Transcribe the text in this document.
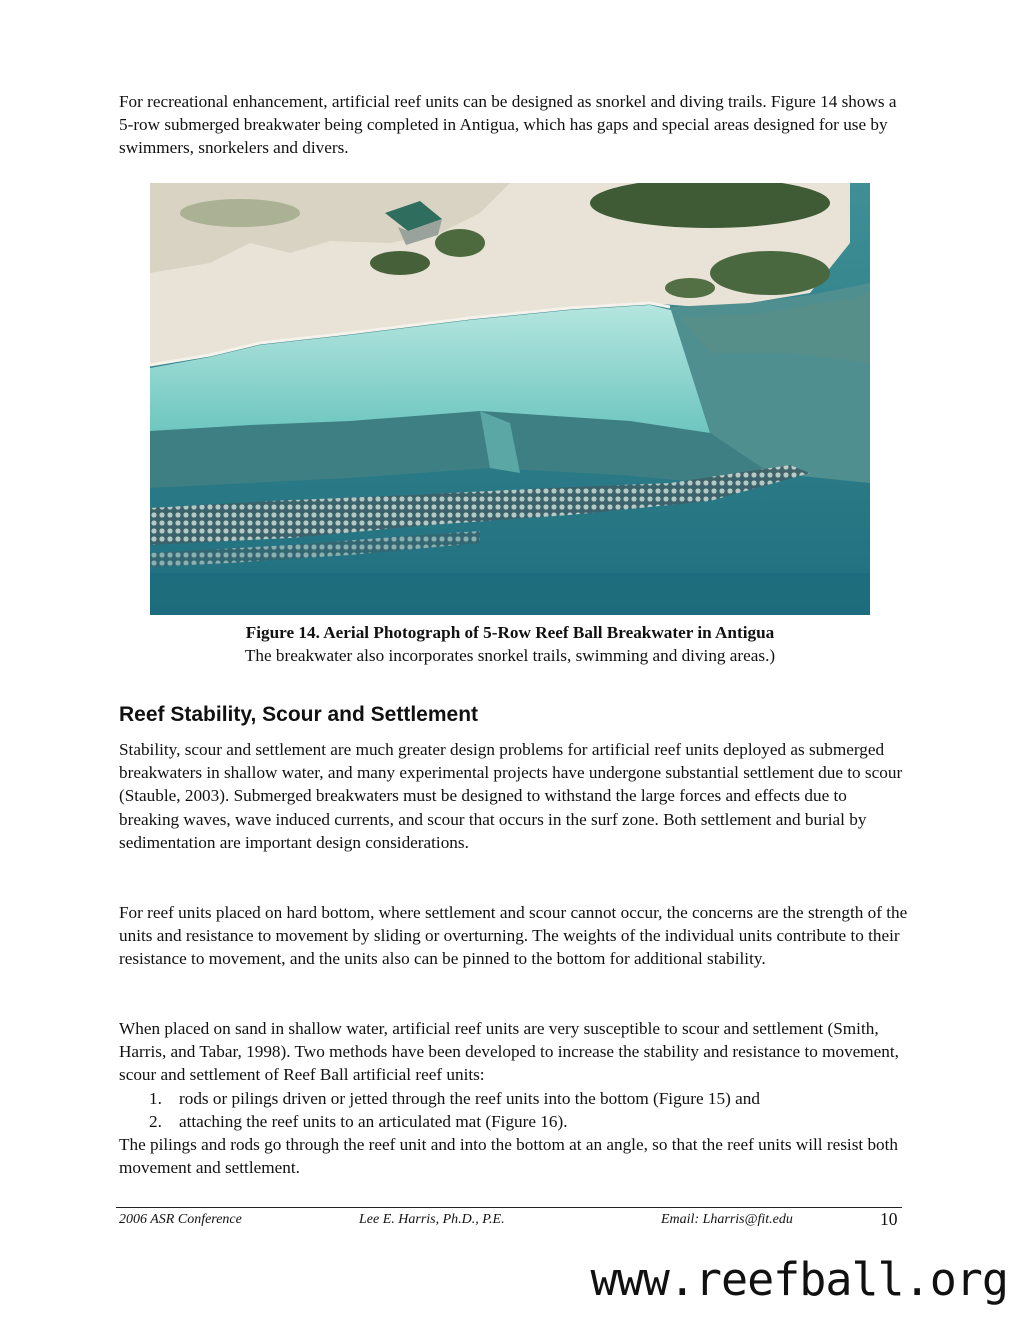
For recreational enhancement, artificial reef units can be designed as snorkel and diving trails. Figure 14 shows a 5-row submerged breakwater being completed in Antigua, which has gaps and special areas designed for use by swimmers, snorkelers and divers.

Figure 14. Aerial Photograph of 5-Row Reef Ball Breakwater in Antigua
The breakwater also incorporates snorkel trails, swimming and diving areas.)
Reef Stability, Scour and Settlement

Stability, scour and settlement are much greater design problems for artificial reef units deployed as submerged breakwaters in shallow water, and many experimental projects have undergone substantial settlement due to scour (Stauble, 2003). Submerged breakwaters must be designed to withstand the large forces and effects due to breaking waves, wave induced currents, and scour that occurs in the surf zone. Both settlement and burial by sedimentation are important design considerations.

For reef units placed on hard bottom, where settlement and scour cannot occur, the concerns are the strength of the units and resistance to movement by sliding or overturning. The weights of the individual units contribute to their resistance to movement, and the units also can be pinned to the bottom for additional stability.

When placed on sand in shallow water, artificial reef units are very susceptible to scour and settlement (Smith, Harris, and Tabar, 1998). Two methods have been developed to increase the stability and resistance to movement, scour and settlement of Reef Ball artificial reef units:

1. rods or pilings driven or jetted through the reef units into the bottom (Figure 15) and
2. attaching the reef units to an articulated mat (Figure 16).

The pilings and rods go through the reef unit and into the bottom at an angle, so that the reef units will resist both movement and settlement.

2006 ASR Conference	Lee E. Harris, Ph.D., P.E.	Email: Lharris@fit.edu	10
www.reefball.org
